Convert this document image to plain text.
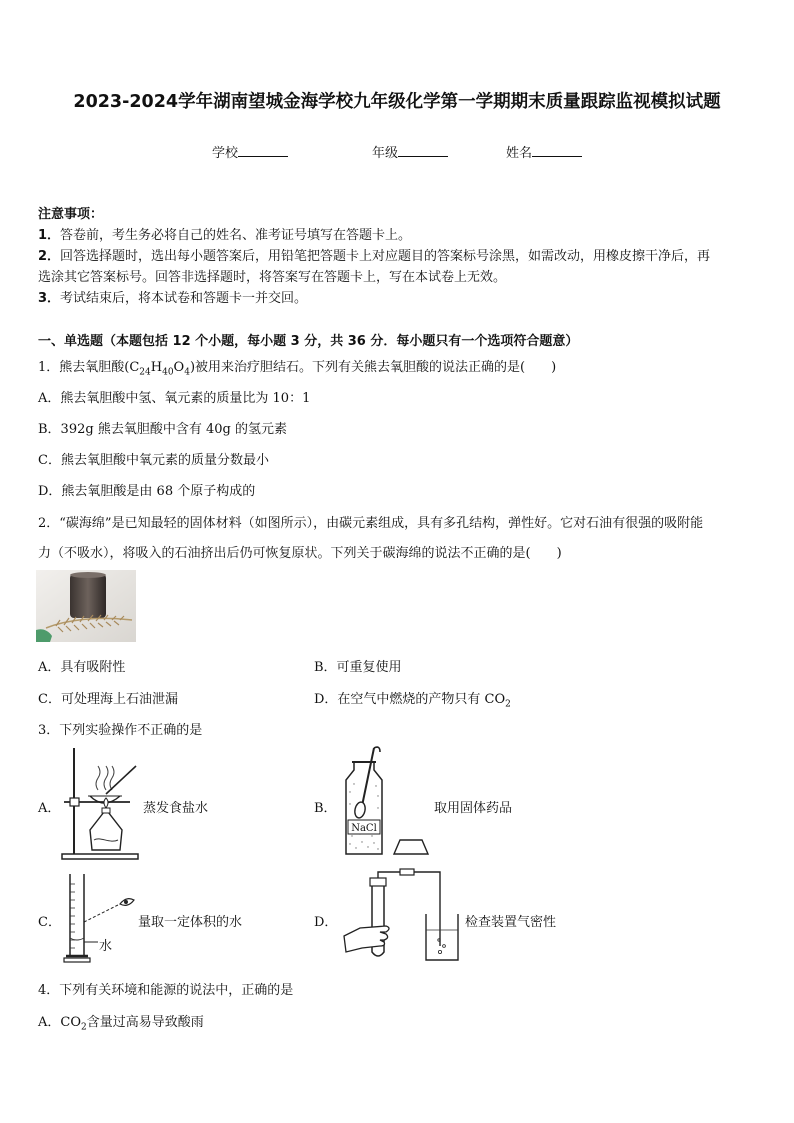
2023-2024学年湖南望城金海学校九年级化学第一学期期末质量跟踪监视模拟试题
学校	年级	姓名
注意事项：
1．答卷前，考生务必将自己的姓名、准考证号填写在答题卡上。
2．回答选择题时，选出每小题答案后，用铅笔把答题卡上对应题目的答案标号涂黑，如需改动，用橡皮擦干净后，再
选涂其它答案标号。回答非选择题时，将答案写在答题卡上，写在本试卷上无效。
3．考试结束后，将本试卷和答题卡一并交回。
一、单选题（本题包括 12 个小题，每小题 3 分，共 36 分．每小题只有一个选项符合题意）
1．熊去氧胆酸$(C_{24}H_{40}O_4)$被用来治疗胆结石。下列有关熊去氧胆酸的说法正确的是(　　)
A．熊去氧胆酸中氢、氧元素的质量比为 10：1
B．392g 熊去氧胆酸中含有 40g 的氢元素
C．熊去氧胆酸中氧元素的质量分数最小
D．熊去氧胆酸是由 68 个原子构成的
2．“碳海绵”是已知最轻的固体材料（如图所示），由碳元素组成，具有多孔结构，弹性好。它对石油有很强的吸附能
力（不吸水），将吸入的石油挤出后仍可恢复原状。下列关于碳海绵的说法不正确的是(　　)
A．具有吸附性	B．可重复使用
C．可处理海上石油泄漏	D．在空气中燃烧的产物只有 $CO_2$
3．下列实验操作不正确的是
A．	蒸发食盐水	B．
NaCl
取用固体药品
C．
水
量取一定体积的水	D．	检查装置气密性
4．下列有关环境和能源的说法中，正确的是
A．$CO_2$含量过高易导致酸雨
